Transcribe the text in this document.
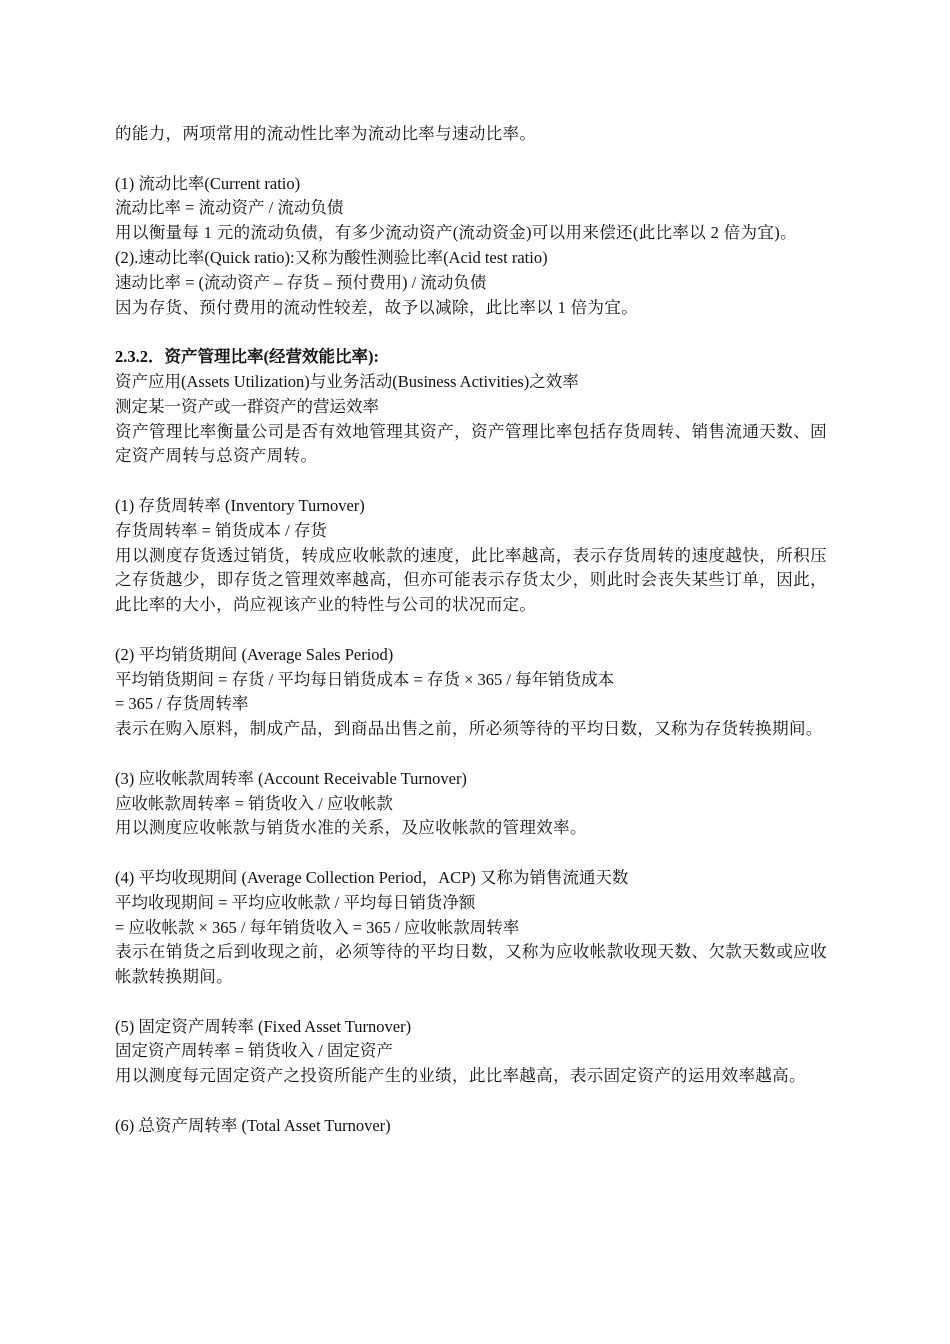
的能力，两项常用的流动性比率为流动比率与速动比率。
(1) 流动比率(Current ratio)
流动比率 = 流动资产 / 流动负债
用以衡量每 1 元的流动负债，有多少流动资产(流动资金)可以用来偿还(此比率以 2 倍为宜)。
(2).速动比率(Quick ratio):又称为酸性测验比率(Acid test ratio)
速动比率 = (流动资产 – 存货 – 预付费用) / 流动负债
因为存货、预付费用的流动性较差，故予以减除，此比率以 1 倍为宜。
2.3.2．资产管理比率(经营效能比率):
资产应用(Assets Utilization)与业务活动(Business Activities)之效率
测定某一资产或一群资产的营运效率
资产管理比率衡量公司是否有效地管理其资产，资产管理比率包括存货周转、销售流通天数、固定资产周转与总资产周转。
(1) 存货周转率 (Inventory Turnover)
存货周转率 = 销货成本 / 存货
用以测度存货透过销货，转成应收帐款的速度，此比率越高，表示存货周转的速度越快，所积压之存货越少，即存货之管理效率越高，但亦可能表示存货太少，则此时会丧失某些订单，因此，此比率的大小，尚应视该产业的特性与公司的状况而定。
(2) 平均销货期间 (Average Sales Period)
平均销货期间 = 存货 / 平均每日销货成本 = 存货 × 365 / 每年销货成本
= 365 / 存货周转率
表示在购入原料，制成产品，到商品出售之前，所必须等待的平均日数，又称为存货转换期间。
(3) 应收帐款周转率 (Account Receivable Turnover)
应收帐款周转率 = 销货收入 / 应收帐款
用以测度应收帐款与销货水准的关系，及应收帐款的管理效率。
(4) 平均收现期间 (Average Collection Period，ACP) 又称为销售流通天数
平均收现期间 = 平均应收帐款 / 平均每日销货净额
= 应收帐款 × 365 / 每年销货收入 = 365 / 应收帐款周转率
表示在销货之后到收现之前，必须等待的平均日数，又称为应收帐款收现天数、欠款天数或应收帐款转换期间。
(5) 固定资产周转率 (Fixed Asset Turnover)
固定资产周转率 = 销货收入 / 固定资产
用以测度每元固定资产之投资所能产生的业绩，此比率越高，表示固定资产的运用效率越高。
(6) 总资产周转率 (Total Asset Turnover)
